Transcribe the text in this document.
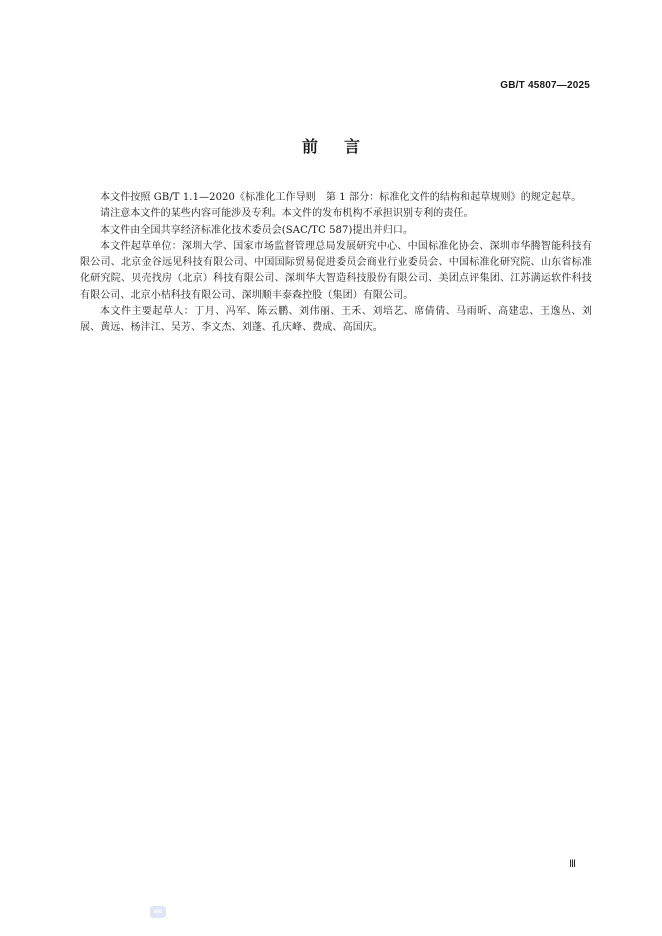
GB/T 45807—2025
前言

本文件按照 GB/T 1.1—2020《标准化工作导则　第 1 部分：标准化文件的结构和起草规则》的规定起草。

请注意本文件的某些内容可能涉及专利。本文件的发布机构不承担识别专利的责任。

本文件由全国共享经济标准化技术委员会(SAC/TC 587)提出并归口。

本文件起草单位：深圳大学、国家市场监督管理总局发展研究中心、中国标准化协会、深圳市华腾智能科技有限公司、北京金谷远见科技有限公司、中国国际贸易促进委员会商业行业委员会、中国标准化研究院、山东省标准化研究院、贝壳找房（北京）科技有限公司、深圳华大智造科技股份有限公司、美团点评集团、江苏满运软件科技有限公司、北京小桔科技有限公司、深圳顺丰泰森控股（集团）有限公司。

本文件主要起草人：丁月、冯军、陈云鹏、刘伟丽、王禾、刘培艺、席倩倩、马雨昕、高建忠、王逸丛、刘展、黄远、杨沣江、吴芳、李文杰、刘蓬、孔庆峰、费成、高国庆。

Ⅲ
stc
